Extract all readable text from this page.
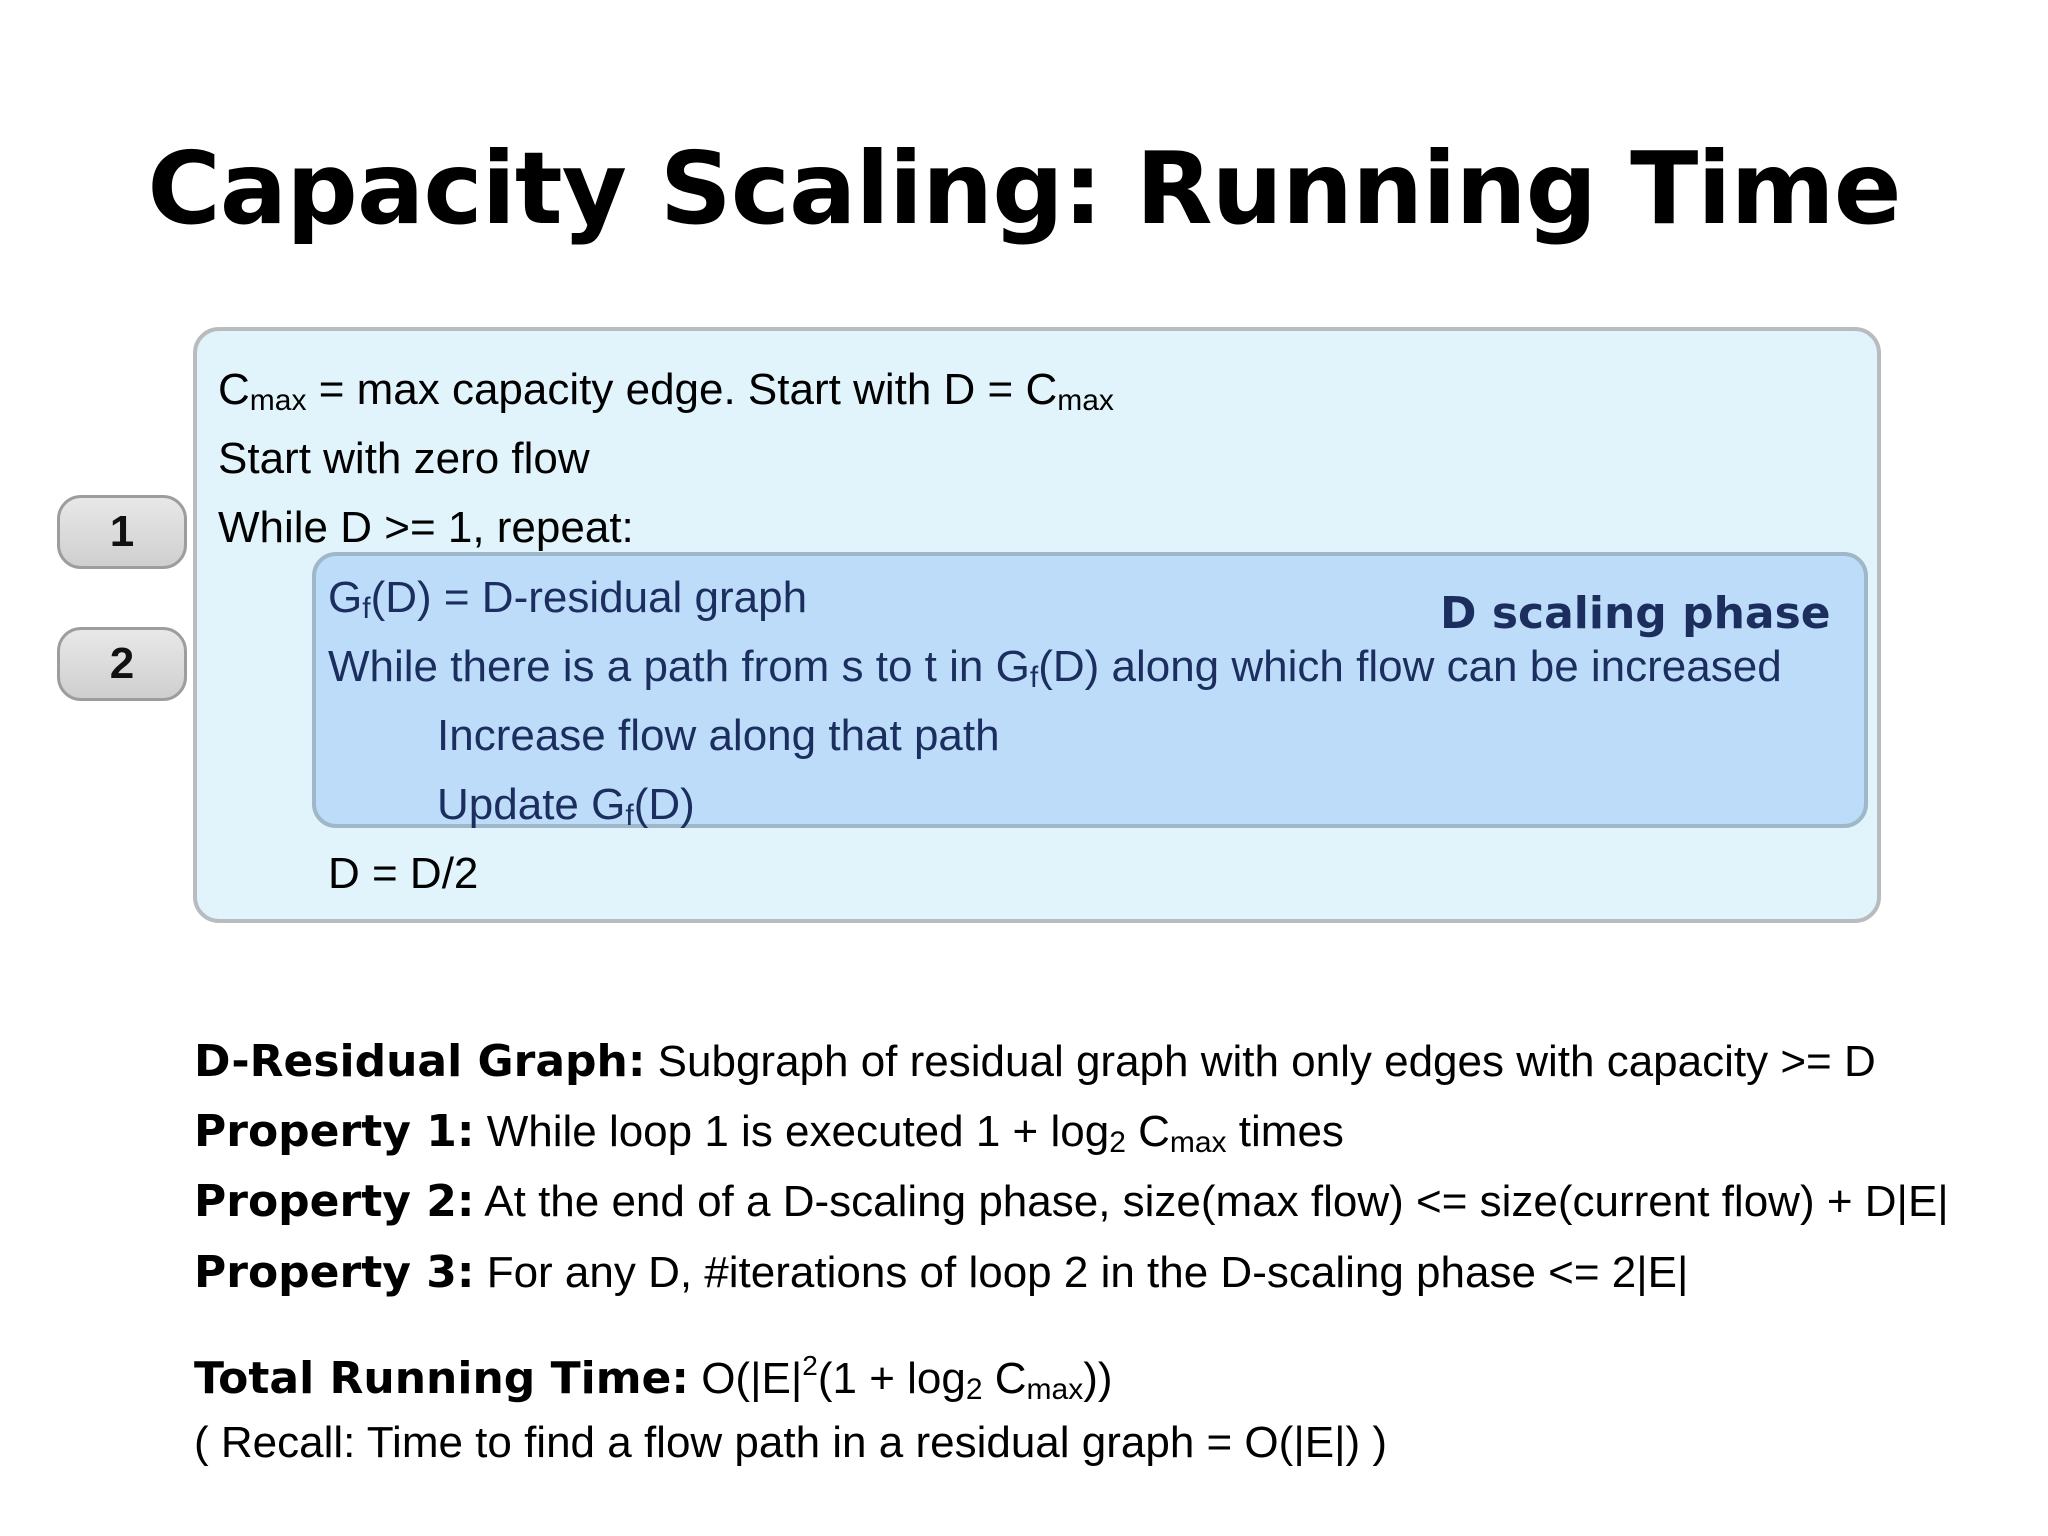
Capacity Scaling: Running Time
$C_{max} = \max$ capacity edge. Start with $D = C_{max}$
Start with zero flow
While D >= 1, repeat:
D scaling phase
$G_f(D)$ = D-residual graph
While there is a path from s to t in $G_f(D)$ along which flow can be increased
Increase flow along that path
Update $G_f(D)$
D = D/2
1
2
D-Residual Graph: Subgraph of residual graph with only edges with capacity >= D
Property 1: While loop 1 is executed $1 + \log_2 C_{max}$ times
Property 2: At the end of a D-scaling phase, size(max flow) <= size(current flow) + D|E|
Property 3: For any D, #iterations of loop 2 in the D-scaling phase <= 2|E|
Total Running Time: $O(|E|^2(1 + \log_2 C_{max}))$
( Recall: Time to find a flow path in a residual graph = O(|E|) )
